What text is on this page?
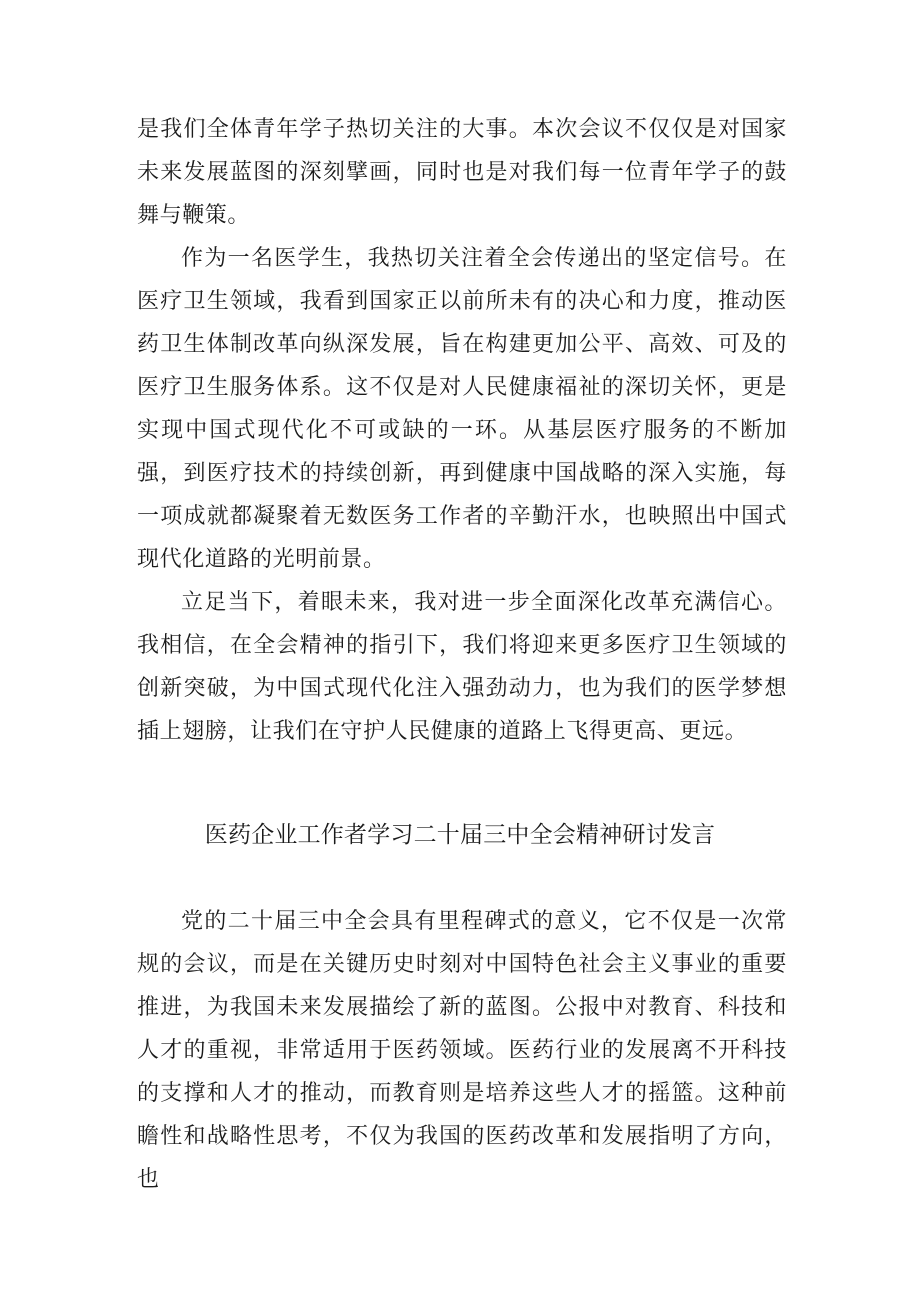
是我们全体青年学子热切关注的大事。本次会议不仅仅是对国家未来发展蓝图的深刻擘画，同时也是对我们每一位青年学子的鼓舞与鞭策。

作为一名医学生，我热切关注着全会传递出的坚定信号。在医疗卫生领域，我看到国家正以前所未有的决心和力度，推动医药卫生体制改革向纵深发展，旨在构建更加公平、高效、可及的医疗卫生服务体系。这不仅是对人民健康福祉的深切关怀，更是实现中国式现代化不可或缺的一环。从基层医疗服务的不断加强，到医疗技术的持续创新，再到健康中国战略的深入实施，每一项成就都凝聚着无数医务工作者的辛勤汗水，也映照出中国式现代化道路的光明前景。

立足当下，着眼未来，我对进一步全面深化改革充满信心。我相信，在全会精神的指引下，我们将迎来更多医疗卫生领域的创新突破，为中国式现代化注入强劲动力，也为我们的医学梦想插上翅膀，让我们在守护人民健康的道路上飞得更高、更远。

医药企业工作者学习二十届三中全会精神研讨发言

党的二十届三中全会具有里程碑式的意义，它不仅是一次常规的会议，而是在关键历史时刻对中国特色社会主义事业的重要推进，为我国未来发展描绘了新的蓝图。公报中对教育、科技和人才的重视，非常适用于医药领域。医药行业的发展离不开科技的支撑和人才的推动，而教育则是培养这些人才的摇篮。这种前瞻性和战略性思考，不仅为我国的医药改革和发展指明了方向，也
